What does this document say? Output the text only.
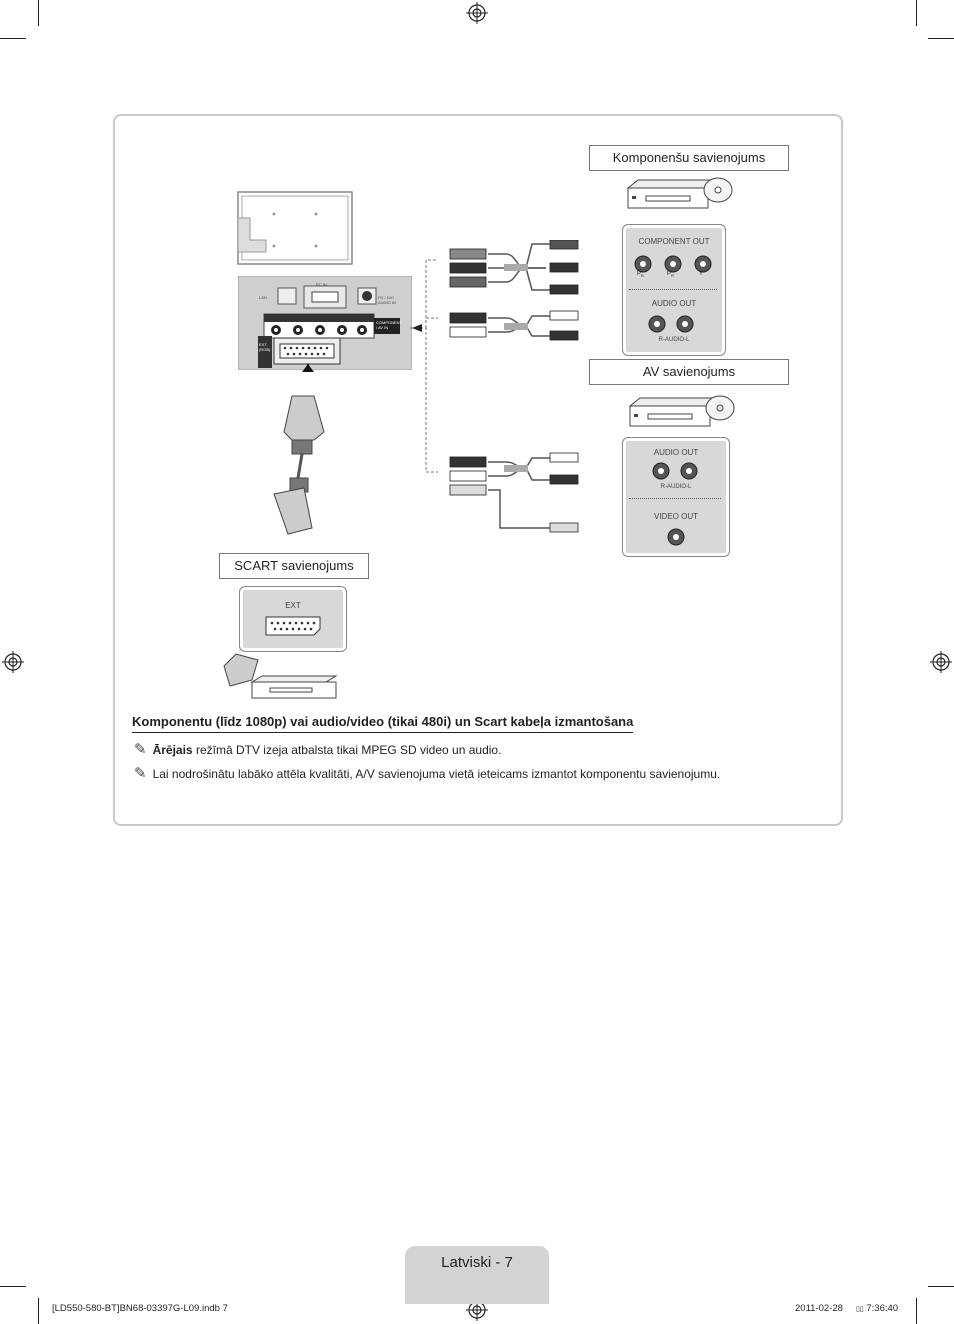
Komponenšu savienojums
AV savienojums
SCART savienojums
COMPONENT / AV IN
EXT (RGB)
PC IN
PC / DVI AUDIO IN
LAN
COMPONENT OUT
$P_B$	$P_R$	Y
AUDIO OUT
R-AUDIO-L
AUDIO OUT
R-AUDIO-L
VIDEO OUT
EXT
Komponentu (līdz 1080p) vai audio/video (tikai 480i) un Scart kabeļa izmantošana
✎ Ārējais režīmā DTV izeja atbalsta tikai MPEG SD video un audio.
✎ Lai nodrošinātu labāko attēla kvalitāti, A/V savienojuma vietā ieteicams izmantot komponentu savienojumu.
Latviski - 7
[LD550-580-BT]BN68-03397G-L09.indb 7	2011-02-28 ▯▯ 7:36:40
